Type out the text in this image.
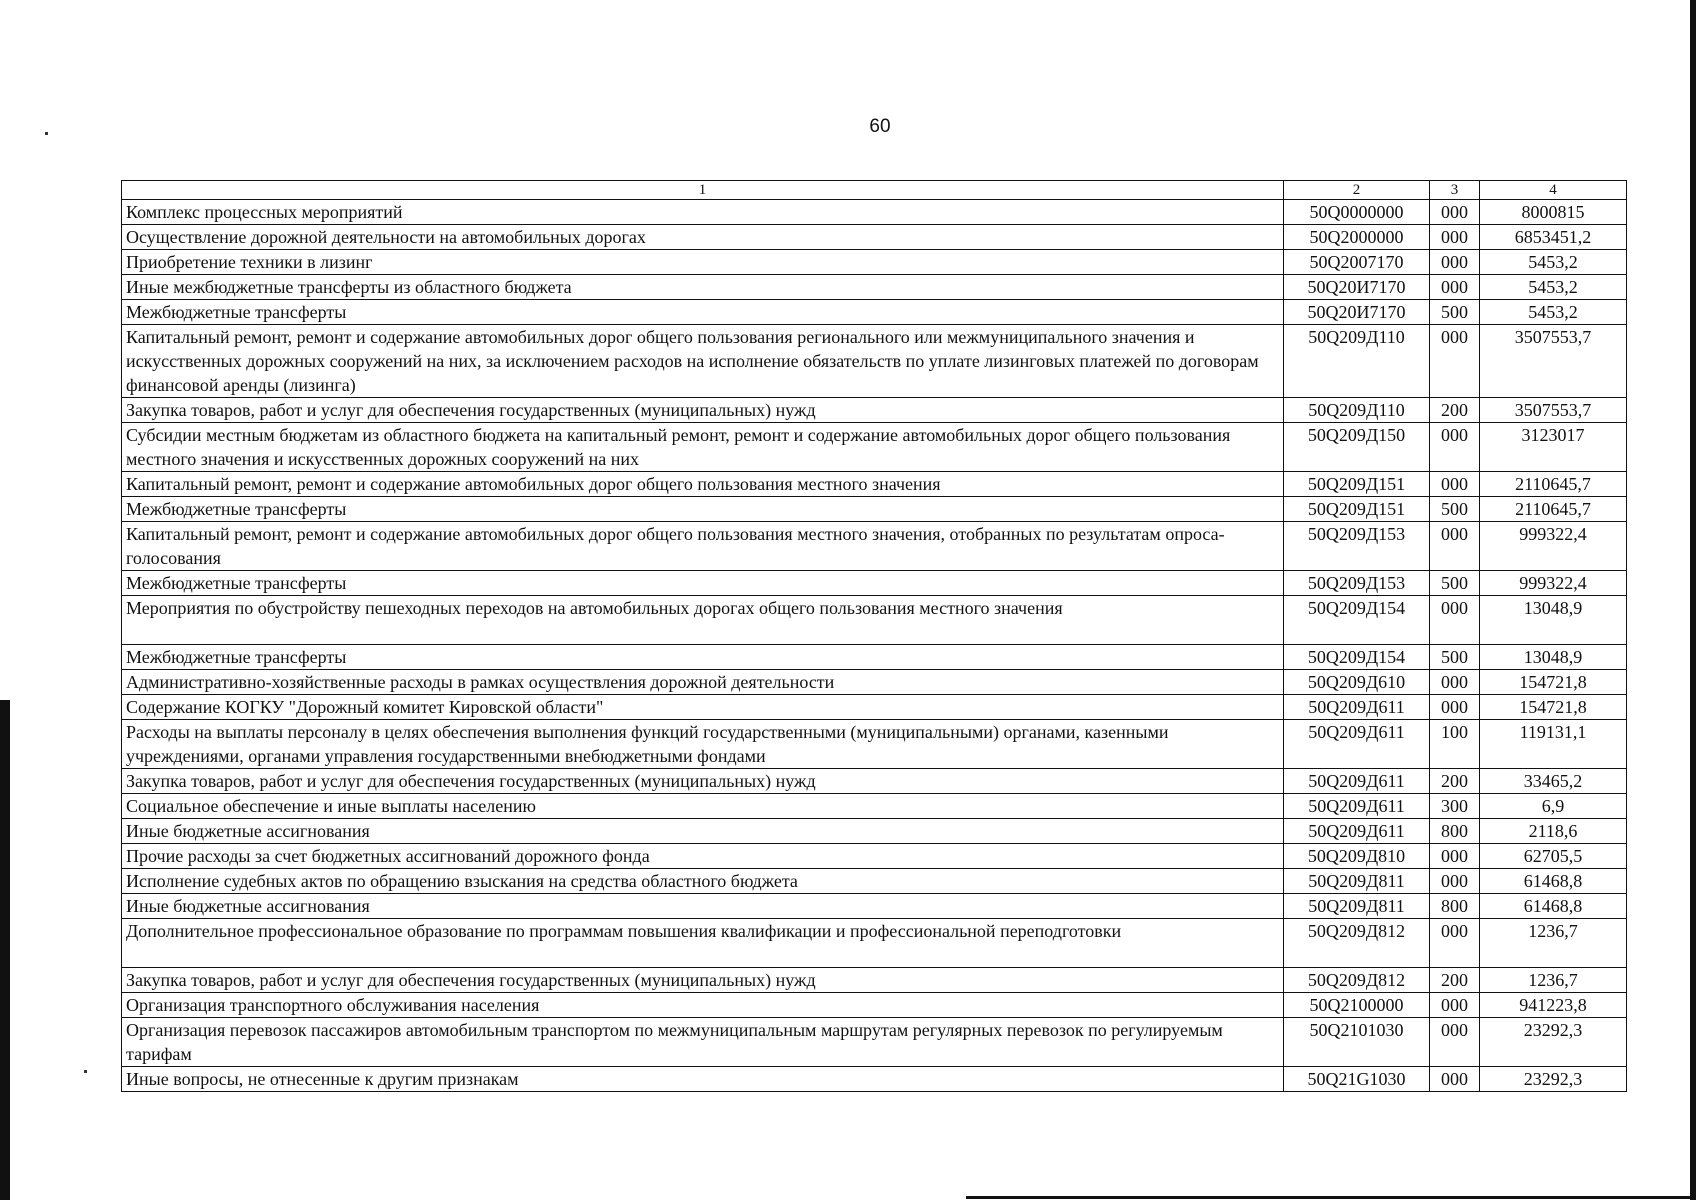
60
1	2	3	4
Комплекс процессных мероприятий	50Q0000000	000	8000815
Осуществление дорожной деятельности на автомобильных дорогах	50Q2000000	000	6853451,2
Приобретение техники в лизинг	50Q2007170	000	5453,2
Иные межбюджетные трансферты из областного бюджета	50Q20И7170	000	5453,2
Межбюджетные трансферты	50Q20И7170	500	5453,2
Капитальный ремонт, ремонт и содержание автомобильных дорог общего пользования регионального или межмуниципального значения и искусственных дорожных сооружений на них, за исключением расходов на исполнение обязательств по уплате лизинговых платежей по договорам финансовой аренды (лизинга)	50Q209Д110	000	3507553,7
Закупка товаров, работ и услуг для обеспечения государственных (муниципальных) нужд	50Q209Д110	200	3507553,7
Субсидии местным бюджетам из областного бюджета на капитальный ремонт, ремонт и содержание автомобильных дорог общего пользования местного значения и искусственных дорожных сооружений на них	50Q209Д150	000	3123017
Капитальный ремонт, ремонт и содержание автомобильных дорог общего пользования местного значения	50Q209Д151	000	2110645,7
Межбюджетные трансферты	50Q209Д151	500	2110645,7
Капитальный ремонт, ремонт и содержание автомобильных дорог общего пользования местного значения, отобранных по результатам опроса-голосования	50Q209Д153	000	999322,4
Межбюджетные трансферты	50Q209Д153	500	999322,4
Мероприятия по обустройству пешеходных переходов на автомобильных дорогах общего пользования местного значения	50Q209Д154	000	13048,9
Межбюджетные трансферты	50Q209Д154	500	13048,9
Административно-хозяйственные расходы в рамках осуществления дорожной деятельности	50Q209Д610	000	154721,8
Содержание КОГКУ "Дорожный комитет Кировской области"	50Q209Д611	000	154721,8
Расходы на выплаты персоналу в целях обеспечения выполнения функций государственными (муниципальными) органами, казенными учреждениями, органами управления государственными внебюджетными фондами	50Q209Д611	100	119131,1
Закупка товаров, работ и услуг для обеспечения государственных (муниципальных) нужд	50Q209Д611	200	33465,2
Социальное обеспечение и иные выплаты населению	50Q209Д611	300	6,9
Иные бюджетные ассигнования	50Q209Д611	800	2118,6
Прочие расходы за счет бюджетных ассигнований дорожного фонда	50Q209Д810	000	62705,5
Исполнение судебных актов по обращению взыскания на средства областного бюджета	50Q209Д811	000	61468,8
Иные бюджетные ассигнования	50Q209Д811	800	61468,8
Дополнительное профессиональное образование по программам повышения квалификации и профессиональной переподготовки	50Q209Д812	000	1236,7
Закупка товаров, работ и услуг для обеспечения государственных (муниципальных) нужд	50Q209Д812	200	1236,7
Организация транспортного обслуживания населения	50Q2100000	000	941223,8
Организация перевозок пассажиров автомобильным транспортом по межмуниципальным маршрутам регулярных перевозок по регулируемым тарифам	50Q2101030	000	23292,3
Иные вопросы, не отнесенные к другим признакам	50Q21G1030	000	23292,3
